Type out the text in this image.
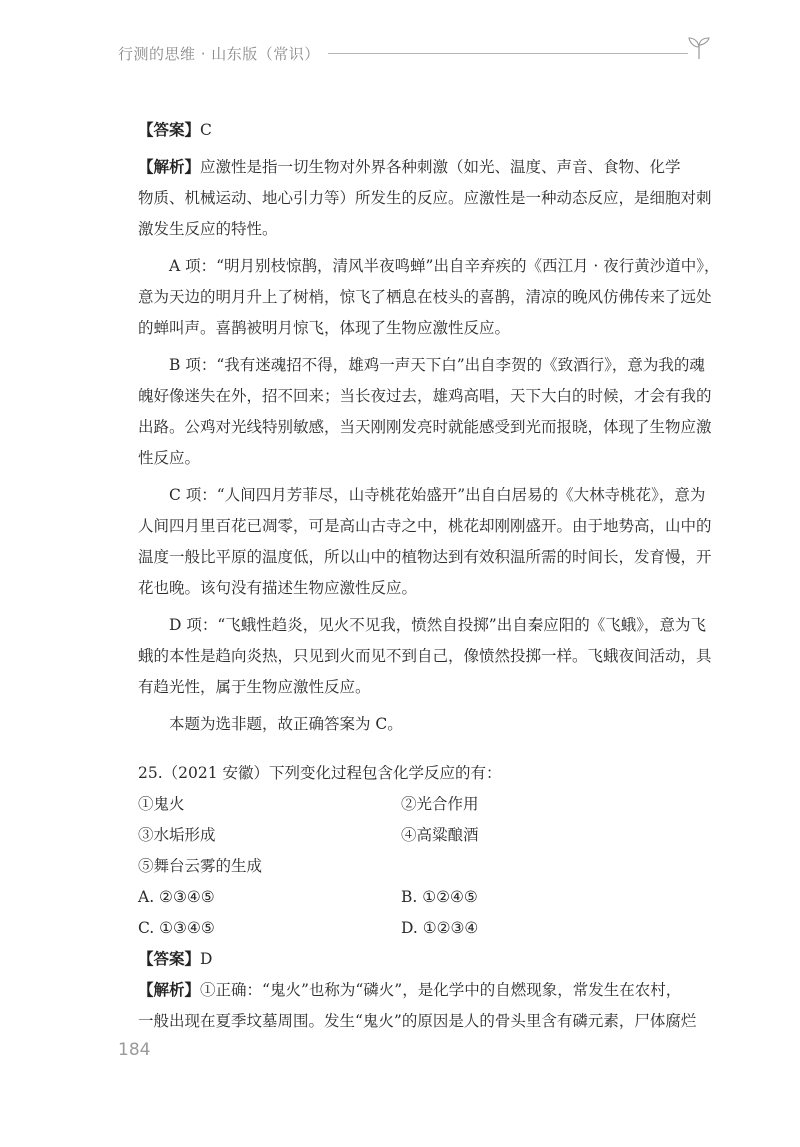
行测的思维 · 山东版（常识）
【答案】C
【解析】应激性是指一切生物对外界各种刺激（如光、温度、声音、食物、化学
物质、机械运动、地心引力等）所发生的反应。应激性是一种动态反应，是细胞对刺
激发生反应的特性。
A 项：“明月别枝惊鹊，清风半夜鸣蝉”出自辛弃疾的《西江月 · 夜行黄沙道中》，
意为天边的明月升上了树梢，惊飞了栖息在枝头的喜鹊，清凉的晚风仿佛传来了远处
的蝉叫声。喜鹊被明月惊飞，体现了生物应激性反应。
B 项：“我有迷魂招不得，雄鸡一声天下白”出自李贺的《致酒行》，意为我的魂
魄好像迷失在外，招不回来；当长夜过去，雄鸡高唱，天下大白的时候，才会有我的
出路。公鸡对光线特别敏感，当天刚刚发亮时就能感受到光而报晓，体现了生物应激
性反应。
C 项：“人间四月芳菲尽，山寺桃花始盛开”出自白居易的《大林寺桃花》，意为
人间四月里百花已凋零，可是高山古寺之中，桃花却刚刚盛开。由于地势高，山中的
温度一般比平原的温度低，所以山中的植物达到有效积温所需的时间长，发育慢，开
花也晚。该句没有描述生物应激性反应。
D 项：“飞蛾性趋炎，见火不见我，愤然自投掷”出自秦应阳的《飞蛾》，意为飞
蛾的本性是趋向炎热，只见到火而见不到自己，像愤然投掷一样。飞蛾夜间活动，具
有趋光性，属于生物应激性反应。
本题为选非题，故正确答案为 C。
25.（2021 安徽）下列变化过程包含化学反应的有：
①鬼火	②光合作用
③水垢形成	④高粱酿酒
⑤舞台云雾的生成
A. ②③④⑤	B. ①②④⑤
C. ①③④⑤	D. ①②③④
【答案】D
【解析】①正确：“鬼火”也称为“磷火”，是化学中的自燃现象，常发生在农村，
一般出现在夏季坟墓周围。发生“鬼火”的原因是人的骨头里含有磷元素，尸体腐烂
184
